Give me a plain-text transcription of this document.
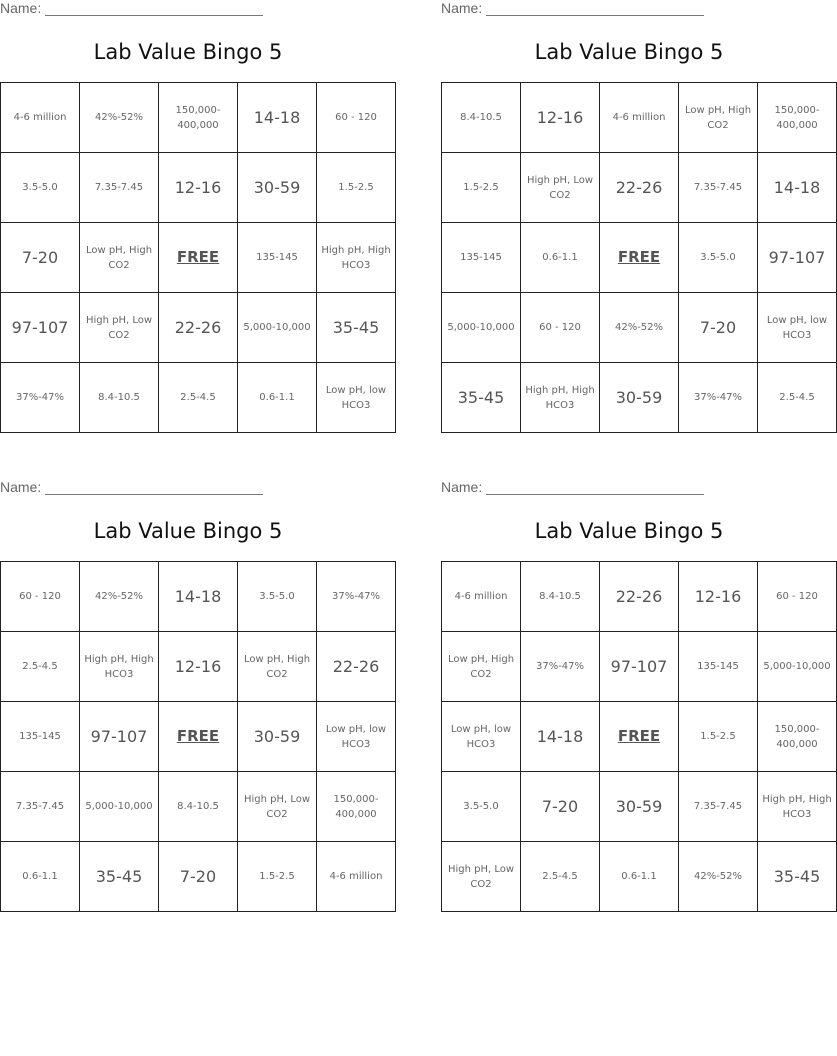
Name:
Lab Value Bingo 5
4-6 million	42%-52%	150,000-400,000	14-18	60 - 120
3.5-5.0	7.35-7.45	12-16	30-59	1.5-2.5
7-20	Low pH, High CO2	FREE	135-145	High pH, High HCO3
97-107	High pH, Low CO2	22-26	5,000-10,000	35-45
37%-47%	8.4-10.5	2.5-4.5	0.6-1.1	Low pH, low HCO3
Name:
Lab Value Bingo 5
8.4-10.5	12-16	4-6 million	Low pH, High CO2	150,000-400,000
1.5-2.5	High pH, Low CO2	22-26	7.35-7.45	14-18
135-145	0.6-1.1	FREE	3.5-5.0	97-107
5,000-10,000	60 - 120	42%-52%	7-20	Low pH, low HCO3
35-45	High pH, High HCO3	30-59	37%-47%	2.5-4.5
Name:
Lab Value Bingo 5
60 - 120	42%-52%	14-18	3.5-5.0	37%-47%
2.5-4.5	High pH, High HCO3	12-16	Low pH, High CO2	22-26
135-145	97-107	FREE	30-59	Low pH, low HCO3
7.35-7.45	5,000-10,000	8.4-10.5	High pH, Low CO2	150,000-400,000
0.6-1.1	35-45	7-20	1.5-2.5	4-6 million
Name:
Lab Value Bingo 5
4-6 million	8.4-10.5	22-26	12-16	60 - 120
Low pH, High CO2	37%-47%	97-107	135-145	5,000-10,000
Low pH, low HCO3	14-18	FREE	1.5-2.5	150,000-400,000
3.5-5.0	7-20	30-59	7.35-7.45	High pH, High HCO3
High pH, Low CO2	2.5-4.5	0.6-1.1	42%-52%	35-45
